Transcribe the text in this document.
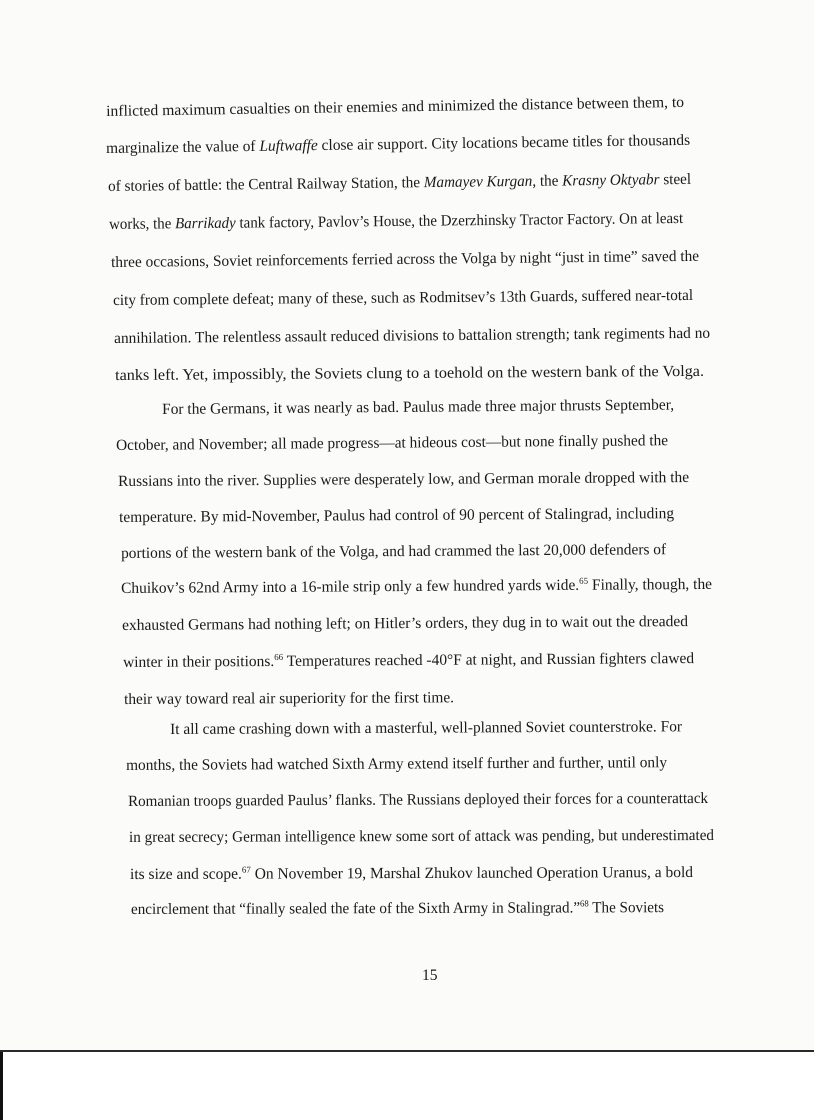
inflicted maximum casualties on their enemies and minimized the distance between them, to
marginalize the value of Luftwaffe close air support. City locations became titles for thousands
of stories of battle: the Central Railway Station, the Mamayev Kurgan, the Krasny Oktyabr steel
works, the Barrikady tank factory, Pavlov’s House, the Dzerzhinsky Tractor Factory. On at least
three occasions, Soviet reinforcements ferried across the Volga by night “just in time” saved the
city from complete defeat; many of these, such as Rodmitsev’s 13th Guards, suffered near-total
annihilation. The relentless assault reduced divisions to battalion strength; tank regiments had no
tanks left. Yet, impossibly, the Soviets clung to a toehold on the western bank of the Volga.
For the Germans, it was nearly as bad. Paulus made three major thrusts September,
October, and November; all made progress—at hideous cost—but none finally pushed the
Russians into the river. Supplies were desperately low, and German morale dropped with the
temperature. By mid-November, Paulus had control of 90 percent of Stalingrad, including
portions of the western bank of the Volga, and had crammed the last 20,000 defenders of
Chuikov’s 62nd Army into a 16-mile strip only a few hundred yards wide.$^{65}$ Finally, though, the
exhausted Germans had nothing left; on Hitler’s orders, they dug in to wait out the dreaded
winter in their positions.$^{66}$ Temperatures reached -40°F at night, and Russian fighters clawed
their way toward real air superiority for the first time.
It all came crashing down with a masterful, well-planned Soviet counterstroke. For
months, the Soviets had watched Sixth Army extend itself further and further, until only
Romanian troops guarded Paulus’ flanks. The Russians deployed their forces for a counterattack
in great secrecy; German intelligence knew some sort of attack was pending, but underestimated
its size and scope.$^{67}$ On November 19, Marshal Zhukov launched Operation Uranus, a bold
encirclement that “finally sealed the fate of the Sixth Army in Stalingrad.”$^{68}$ The Soviets
15
